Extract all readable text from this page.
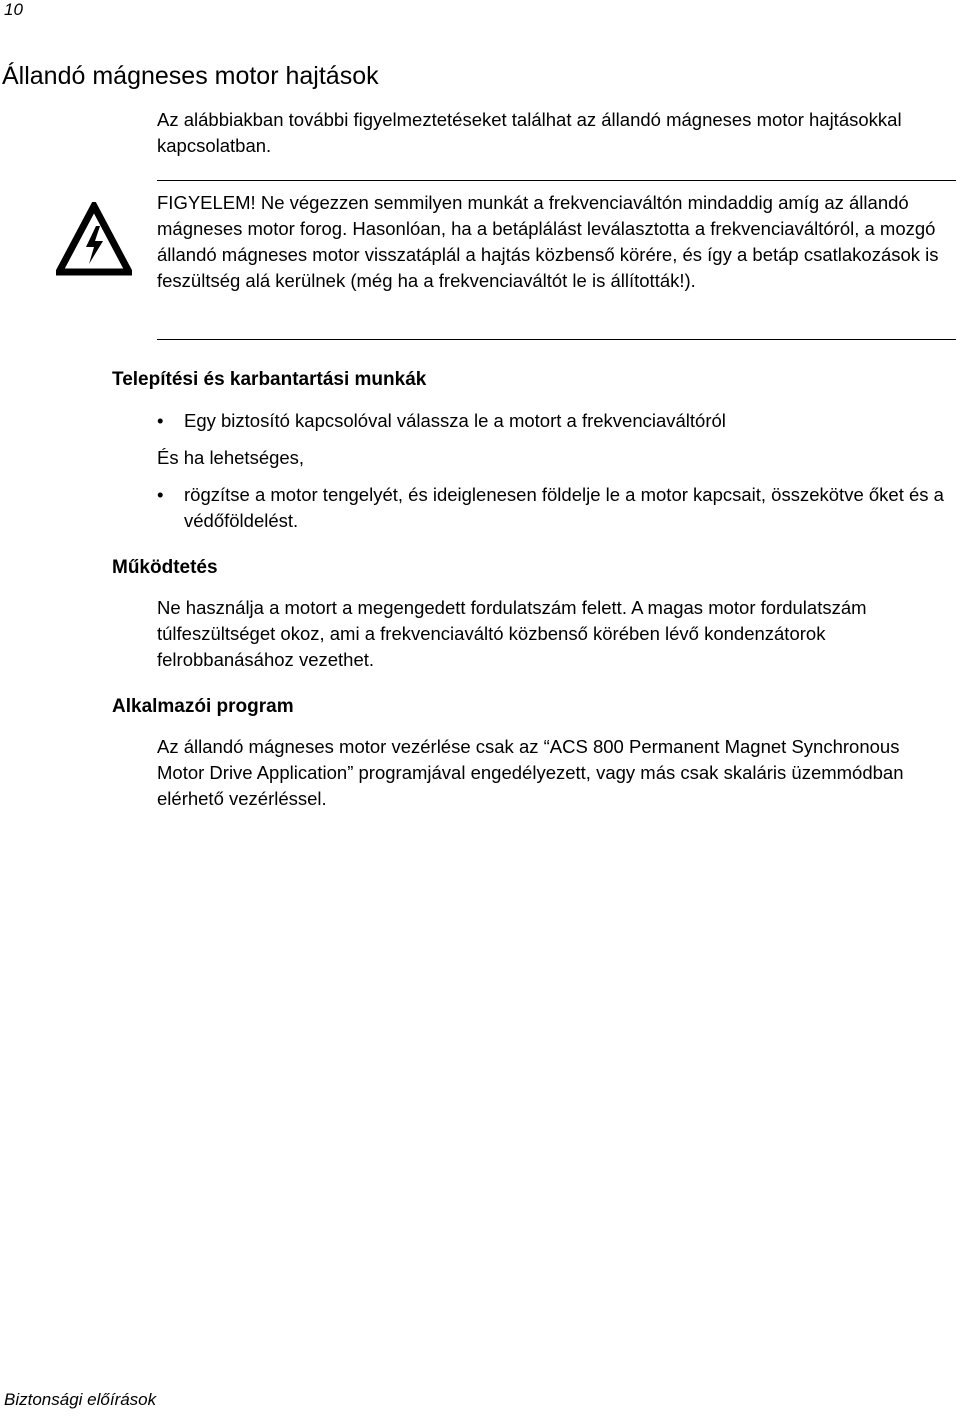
10
Állandó mágneses motor hajtások

Az alábbiakban további figyelmeztetéseket találhat az állandó mágneses motor hajtásokkal kapcsolatban.

FIGYELEM! Ne végezzen semmilyen munkát a frekvenciaváltón mindaddig amíg az állandó mágneses motor forog. Hasonlóan, ha a betáplálást leválasztotta a frekvenciaváltóról, a mozgó állandó mágneses motor visszatáplál a hajtás közbenső körére, és így a betáp csatlakozások is feszültség alá kerülnek (még ha a frekvenciaváltót le is állították!).

Telepítési és karbantartási munkák
•	Egy biztosító kapcsolóval válassza le a motort a frekvenciaváltóról

És ha lehetséges,

•	rögzítse a motor tengelyét, és ideiglenesen földelje le a motor kapcsait, összekötve őket és a védőföldelést.
Működtetés

Ne használja a motort a megengedett fordulatszám felett. A magas motor fordulatszám túlfeszültséget okoz, ami a frekvenciaváltó közbenső körében lévő kondenzátorok felrobbanásához vezethet.

Alkalmazói program

Az állandó mágneses motor vezérlése csak az “ACS 800 Permanent Magnet Synchronous Motor Drive Application” programjával engedélyezett, vagy más csak skaláris üzemmódban elérhető vezérléssel.

Biztonsági előírások
